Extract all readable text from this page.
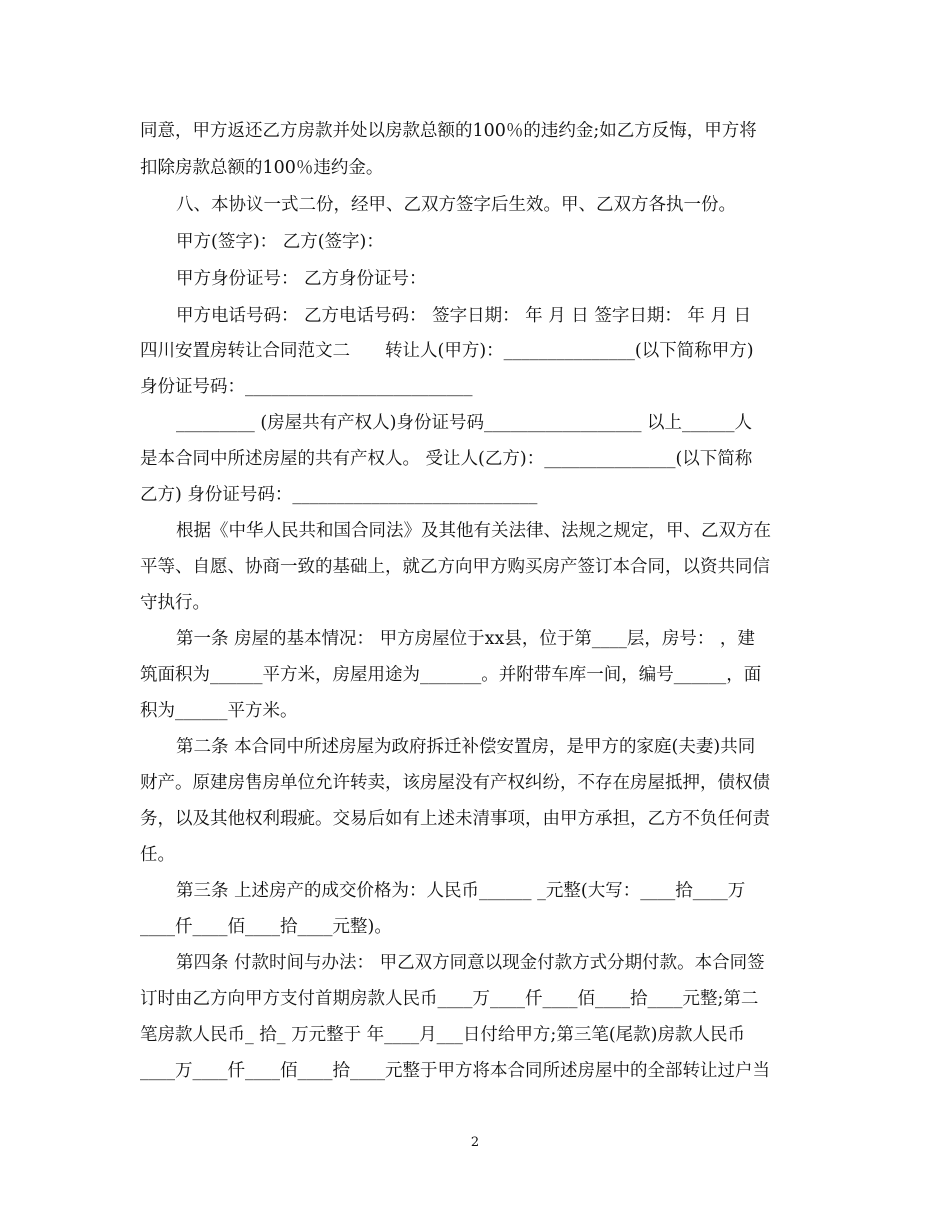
同意，甲方返还乙方房款并处以房款总额的100％的违约金;如乙方反悔，甲方将
扣除房款总额的100％违约金。
八、本协议一式二份，经甲、乙双方签字后生效。甲、乙双方各执一份。
甲方(签字)： 乙方(签字)：
甲方身份证号： 乙方身份证号：
甲方电话号码： 乙方电话号码： 签字日期： 年 月 日 签字日期： 年 月 日
四川安置房转让合同范文二　　转让人(甲方)：_______________(以下简称甲方)
身份证号码：__________________________
_________ (房屋共有产权人)身份证号码__________________ 以上______人
是本合同中所述房屋的共有产权人。 受让人(乙方)：_______________(以下简称
乙方) 身份证号码：____________________________
根据《中华人民共和国合同法》及其他有关法律、法规之规定，甲、乙双方在
平等、自愿、协商一致的基础上，就乙方向甲方购买房产签订本合同，以资共同信
守执行。
第一条 房屋的基本情况： 甲方房屋位于xx县，位于第____层，房号： ，建
筑面积为______平方米，房屋用途为_______。并附带车库一间，编号______，面
积为______平方米。
第二条 本合同中所述房屋为政府拆迁补偿安置房，是甲方的家庭(夫妻)共同
财产。原建房售房单位允许转卖，该房屋没有产权纠纷，不存在房屋抵押，债权债
务，以及其他权利瑕疵。交易后如有上述未清事项，由甲方承担，乙方不负任何责
任。
第三条 上述房产的成交价格为：人民币______ _元整(大写：____拾____万
____仟____佰____拾____元整)。
第四条 付款时间与办法： 甲乙双方同意以现金付款方式分期付款。本合同签
订时由乙方向甲方支付首期房款人民币____万____仟____佰____拾____元整;第二
笔房款人民币_ 拾_ 万元整于 年____月___日付给甲方;第三笔(尾款)房款人民币
____万____仟____佰____拾____元整于甲方将本合同所述房屋中的全部转让过户当
2
